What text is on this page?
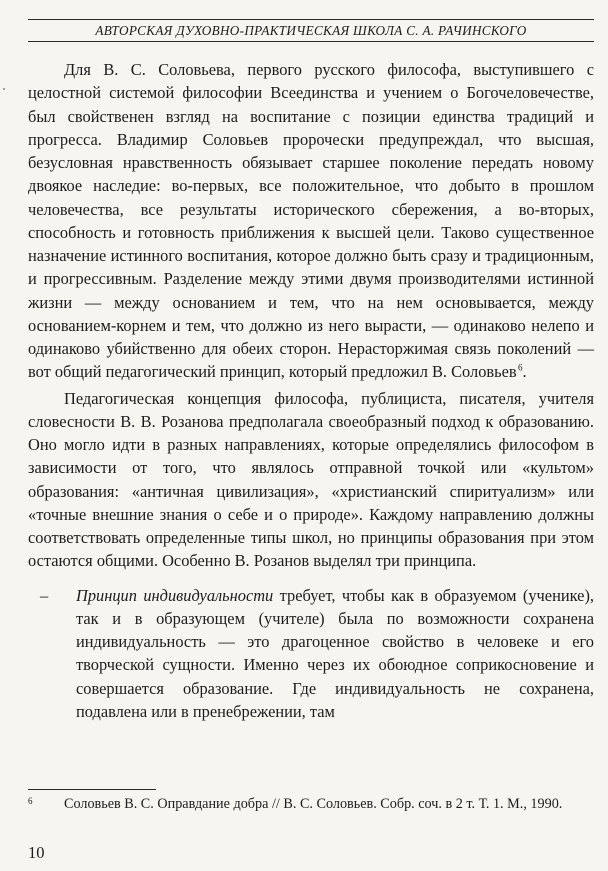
АВТОРСКАЯ ДУХОВНО-ПРАКТИЧЕСКАЯ ШКОЛА С. А. РАЧИНСКОГО

Для В. С. Соловьева, первого русского философа, выступившего с целостной системой философии Всеединства и учением о Богочеловечестве, был свойственен взгляд на воспитание с позиции единства традиций и прогресса. Владимир Соловьев пророчески предупреждал, что высшая, безусловная нравственность обязывает старшее поколение передать новому двоякое наследие: во-первых, все положительное, что добыто в прошлом человечества, все результаты исторического сбережения, а во-вторых, способность и готовность приближения к высшей цели. Таково существенное назначение истинного воспитания, которое должно быть сразу и традиционным, и прогрессивным. Разделение между этими двумя производителями истинной жизни — между основанием и тем, что на нем основывается, между основанием-корнем и тем, что должно из него вырасти, — одинаково нелепо и одинаково убийственно для обеих сторон. Нерасторжимая связь поколений — вот общий педагогический принцип, который предложил В. Соловьев $^6$.

Педагогическая концепция философа, публициста, писателя, учителя словесности В. В. Розанова предполагала своеобразный подход к образованию. Оно могло идти в разных направлениях, которые определялись философом в зависимости от того, что являлось отправной точкой или «культом» образования: «античная цивилизация», «христианский спиритуализм» или «точные внешние знания о себе и о природе». Каждому направлению должны соответствовать определенные типы школ, но принципы образования при этом остаются общими. Особенно В. Розанов выделял три принципа.

– Принцип индивидуальности требует, чтобы как в образуемом (ученике), так и в образующем (учителе) была по возможности сохранена индивидуальность — это драгоценное свойство в человеке и его творческой сущности. Именно через их обоюдное соприкосновение и совершается образование. Где индивидуальность не сохранена, подавлена или в пренебрежении, там
6	Соловьев В. С. Оправдание добра // В. С. Соловьев. Собр. соч. в 2 т. Т. 1. М., 1990.
10
